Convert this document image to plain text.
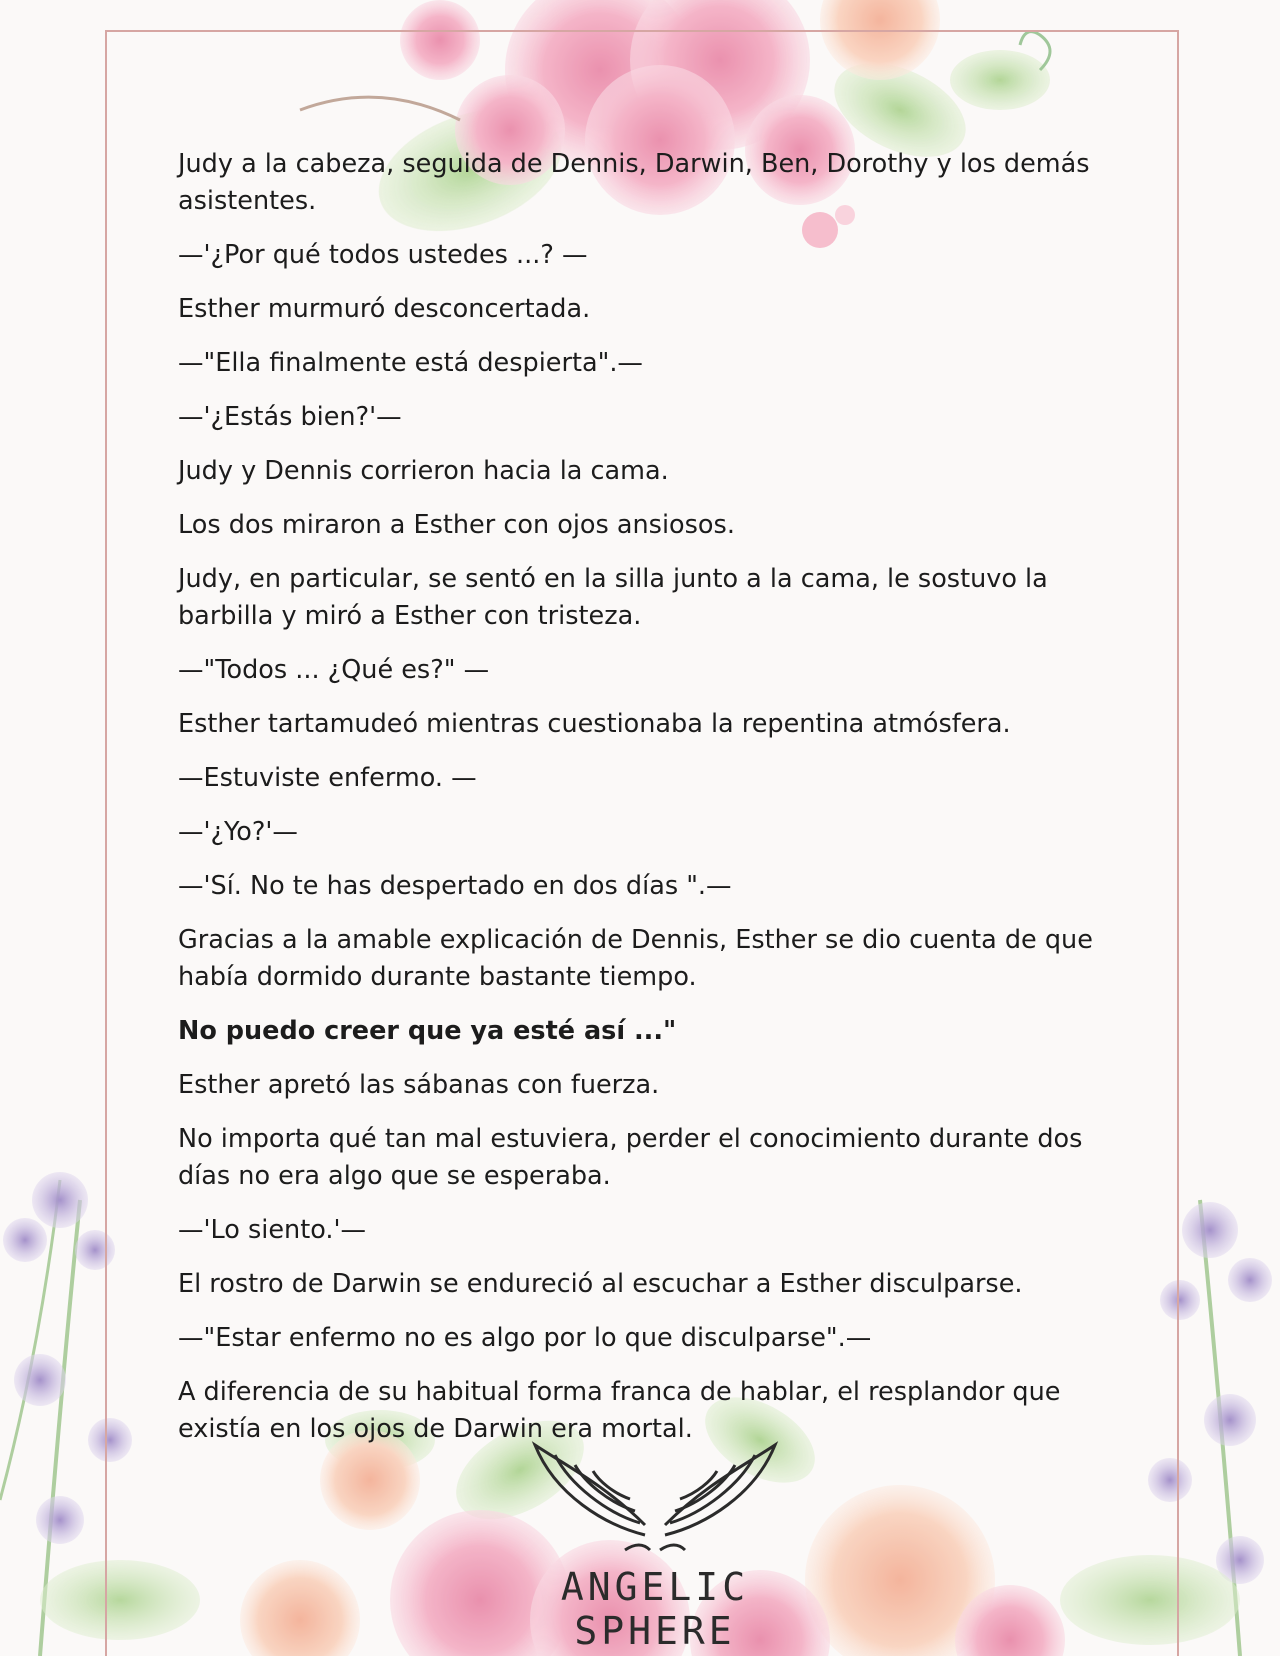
Judy a la cabeza, seguida de Dennis, Darwin, Ben, Dorothy y los demás asistentes.

—'¿Por qué todos ustedes ...? —

Esther murmuró desconcertada.

—"Ella finalmente está despierta".—

—'¿Estás bien?'—

Judy y Dennis corrieron hacia la cama.

Los dos miraron a Esther con ojos ansiosos.

Judy, en particular, se sentó en la silla junto a la cama, le sostuvo la barbilla y miró a Esther con tristeza.

—"Todos ... ¿Qué es?" —

Esther tartamudeó mientras cuestionaba la repentina atmósfera.

—Estuviste enfermo. —

—'¿Yo?'—

—'Sí. No te has despertado en dos días ".—

Gracias a la amable explicación de Dennis, Esther se dio cuenta de que había dormido durante bastante tiempo.

No puedo creer que ya esté así ..."

Esther apretó las sábanas con fuerza.

No importa qué tan mal estuviera, perder el conocimiento durante dos días no era algo que se esperaba.

—'Lo siento.'—

El rostro de Darwin se endureció al escuchar a Esther disculparse.

—"Estar enfermo no es algo por lo que disculparse".—

A diferencia de su habitual forma franca de hablar, el resplandor que existía en los ojos de Darwin era mortal.

ANGELIC SPHERE
